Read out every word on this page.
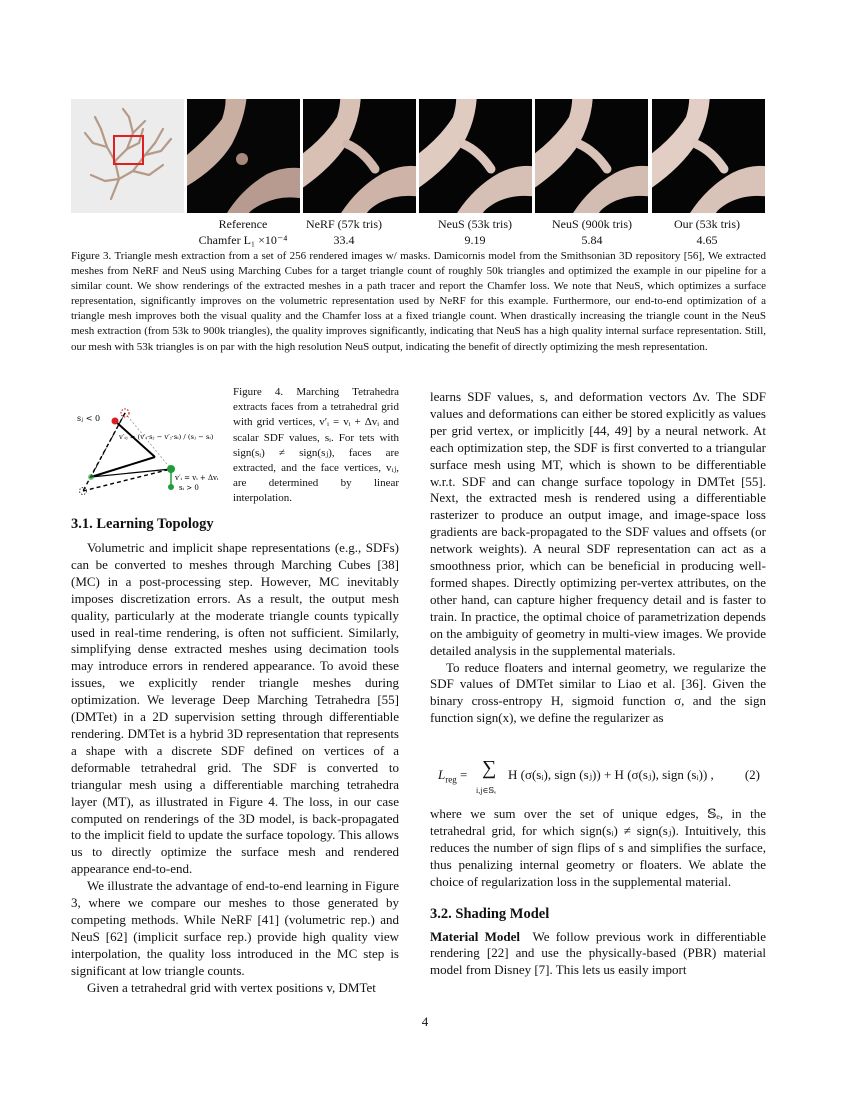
Reference	NeRF (57k tris)	NeuS (53k tris)	NeuS (900k tris)	Our (53k tris)
Chamfer L₁ ×10⁻⁴	33.4	9.19	5.84	4.65
Figure 3. Triangle mesh extraction from a set of 256 rendered images w/ masks. Damicornis model from the Smithsonian 3D repository [56], We extracted meshes from NeRF and NeuS using Marching Cubes for a target triangle count of roughly 50k triangles and optimized the example in our pipeline for a similar count. We show renderings of the extracted meshes in a path tracer and report the Chamfer loss. We note that NeuS, which optimizes a surface representation, significantly improves on the volumetric representation used by NeRF for this example. Furthermore, our end-to-end optimization of a triangle mesh improves both the visual quality and the Chamfer loss at a fixed triangle count. When drastically increasing the triangle count in the NeuS mesh extraction (from 53k to 900k triangles), the quality improves significantly, indicating that NeuS has a high quality internal surface representation. Still, our mesh with 53k triangles is on par with the high resolution NeuS output, indicating the benefit of directly optimizing the mesh representation.
sⱼ < 0
v′ᵢⱼ = (v′ᵢ·sⱼ − v′ⱼ·sᵢ) / (sⱼ − sᵢ)
v′ᵢ = vᵢ + Δvᵢ
sᵢ > 0
Figure 4. Marching Tetrahedra extracts faces from a tetrahedral grid with grid vertices, v′ᵢ = vᵢ + Δvᵢ and scalar SDF values, sᵢ. For tets with sign(sᵢ) ≠ sign(sⱼ), faces are extracted, and the face vertices, vᵢⱼ, are determined by linear interpolation.
3.1. Learning Topology

Volumetric and implicit shape representations (e.g., SDFs) can be converted to meshes through Marching Cubes [38] (MC) in a post-processing step. However, MC inevitably imposes discretization errors. As a result, the output mesh quality, particularly at the moderate triangle counts typically used in real-time rendering, is often not sufficient. Similarly, simplifying dense extracted meshes using decimation tools may introduce errors in rendered appearance. To avoid these issues, we explicitly render triangle meshes during optimization. We leverage Deep Marching Tetrahedra [55] (DMTet) in a 2D supervision setting through differentiable rendering. DMTet is a hybrid 3D representation that represents a shape with a discrete SDF defined on vertices of a deformable tetrahedral grid. The SDF is converted to triangular mesh using a differentiable marching tetrahedra layer (MT), as illustrated in Figure 4. The loss, in our case computed on renderings of the 3D model, is back-propagated to the implicit field to update the surface topology. This allows us to directly optimize the surface mesh and rendered appearance end-to-end.

We illustrate the advantage of end-to-end learning in Figure 3, where we compare our meshes to those generated by competing methods. While NeRF [41] (volumetric rep.) and NeuS [62] (implicit surface rep.) provide high quality view interpolation, the quality loss introduced in the MC step is significant at low triangle counts.

Given a tetrahedral grid with vertex positions v, DMTet

learns SDF values, s, and deformation vectors Δv. The SDF values and deformations can either be stored explicitly as values per grid vertex, or implicitly [44, 49] by a neural network. At each optimization step, the SDF is first converted to a triangular surface mesh using MT, which is shown to be differentiable w.r.t. SDF and can change surface topology in DMTet [55]. Next, the extracted mesh is rendered using a differentiable rasterizer to produce an output image, and image-space loss gradients are back-propagated to the SDF values and offsets (or network weights). A neural SDF representation can act as a smoothness prior, which can be beneficial in producing well-formed shapes. Directly optimizing per-vertex attributes, on the other hand, can capture higher frequency detail and is faster to train. In practice, the optimal choice of parametrization depends on the ambiguity of geometry in multi-view images. We provide detailed analysis in the supplemental materials.

To reduce floaters and internal geometry, we regularize the SDF values of DMTet similar to Liao et al. [36]. Given the binary cross-entropy H, sigmoid function σ, and the sign function sign(x), we define the regularizer as

$L_{reg}$ = ∑
i,j∈𝕊ₑ
H (σ(sᵢ), sign (sⱼ)) + H (σ(sⱼ), sign (sᵢ)) , (2)

where we sum over the set of unique edges, 𝕊ₑ, in the tetrahedral grid, for which sign(sᵢ) ≠ sign(sⱼ). Intuitively, this reduces the number of sign flips of s and simplifies the surface, thus penalizing internal geometry or floaters. We ablate the choice of regularization loss in the supplemental material.

3.2. Shading Model

Material Model We follow previous work in differentiable rendering [22] and use the physically-based (PBR) material model from Disney [7]. This lets us easily import

4
